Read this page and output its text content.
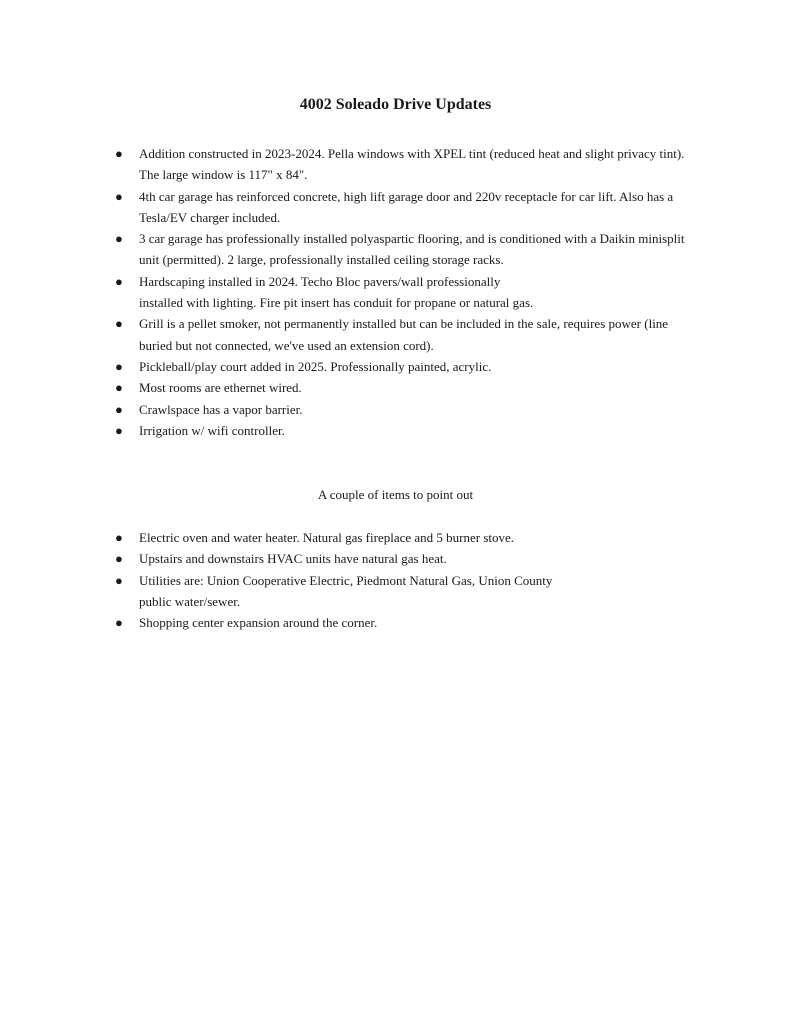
4002 Soleado Drive Updates
● Addition constructed in 2023-2024. Pella windows with XPEL tint (reduced heat and slight privacy tint). The large window is 117" x 84".
● 4th car garage has reinforced concrete, high lift garage door and 220v receptacle for car lift. Also has a Tesla/EV charger included.
● 3 car garage has professionally installed polyaspartic flooring, and is conditioned with a Daikin minisplit unit (permitted). 2 large, professionally installed ceiling storage racks.
● Hardscaping installed in 2024. Techo Bloc pavers/wall professionally installed with lighting. Fire pit insert has conduit for propane or natural gas.
● Grill is a pellet smoker, not permanently installed but can be included in the sale, requires power (line buried but not connected, we've used an extension cord).
● Pickleball/play court added in 2025. Professionally painted, acrylic.
● Most rooms are ethernet wired.
● Crawlspace has a vapor barrier.
● Irrigation w/ wifi controller.
A couple of items to point out
● Electric oven and water heater. Natural gas fireplace and 5 burner stove.
● Upstairs and downstairs HVAC units have natural gas heat.
● Utilities are: Union Cooperative Electric, Piedmont Natural Gas, Union County public water/sewer.
● Shopping center expansion around the corner.
